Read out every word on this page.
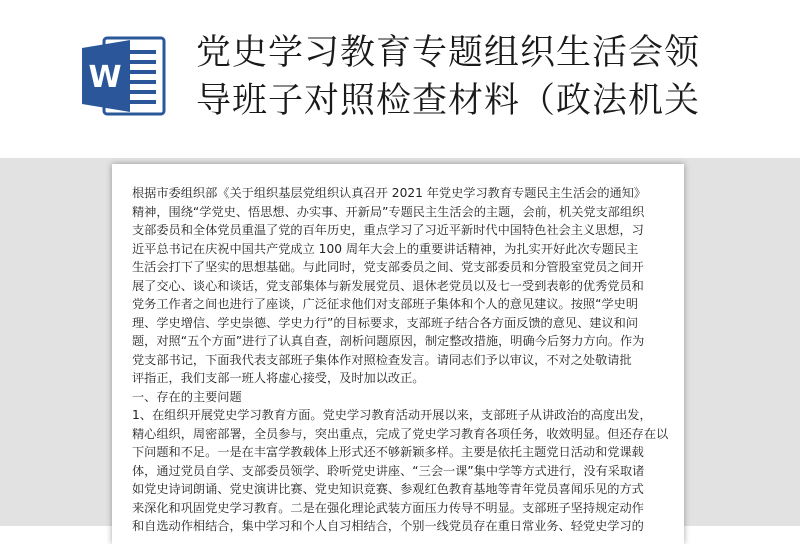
W
党史学习教育专题组织生活会领
导班子对照检查材料（政法机关
根据市委组织部《关于组织基层党组织认真召开 2021 年党史学习教育专题民主生活会的通知》
精神，围绕“学党史、悟思想、办实事、开新局”专题民主生活会的主题，会前，机关党支部组织
支部委员和全体党员重温了党的百年历史，重点学习了习近平新时代中国特色社会主义思想，习
近平总书记在庆祝中国共产党成立 100 周年大会上的重要讲话精神，为扎实开好此次专题民主
生活会打下了坚实的思想基础。与此同时，党支部委员之间、党支部委员和分管股室党员之间开
展了交心、谈心和谈话，党支部集体与新发展党员、退休老党员以及七一受到表彰的优秀党员和
党务工作者之间也进行了座谈，广泛征求他们对支部班子集体和个人的意见建议。按照“学史明
理、学史增信、学史崇德、学史力行”的目标要求，支部班子结合各方面反馈的意见、建议和问
题，对照“五个方面”进行了认真自查，剖析问题原因，制定整改措施，明确今后努力方向。作为
党支部书记，下面我代表支部班子集体作对照检查发言。请同志们予以审议，不对之处敬请批
评指正，我们支部一班人将虚心接受，及时加以改正。
一、存在的主要问题
1、在组织开展党史学习教育方面。党史学习教育活动开展以来，支部班子从讲政治的高度出发，
精心组织，周密部署，全员参与，突出重点，完成了党史学习教育各项任务，收效明显。但还存在以
下问题和不足。一是在丰富学教载体上形式还不够新颖多样。主要是依托主题党日活动和党课载
体，通过党员自学、支部委员领学、聆听党史讲座、“三会一课”集中学等方式进行，没有采取诸
如党史诗词朗诵、党史演讲比赛、党史知识竞赛、参观红色教育基地等青年党员喜闻乐见的方式
来深化和巩固党史学习教育。二是在强化理论武装方面压力传导不明显。支部班子坚持规定动作
和自选动作相结合，集中学习和个人自习相结合，个别一线党员存在重日常业务、轻党史学习的
